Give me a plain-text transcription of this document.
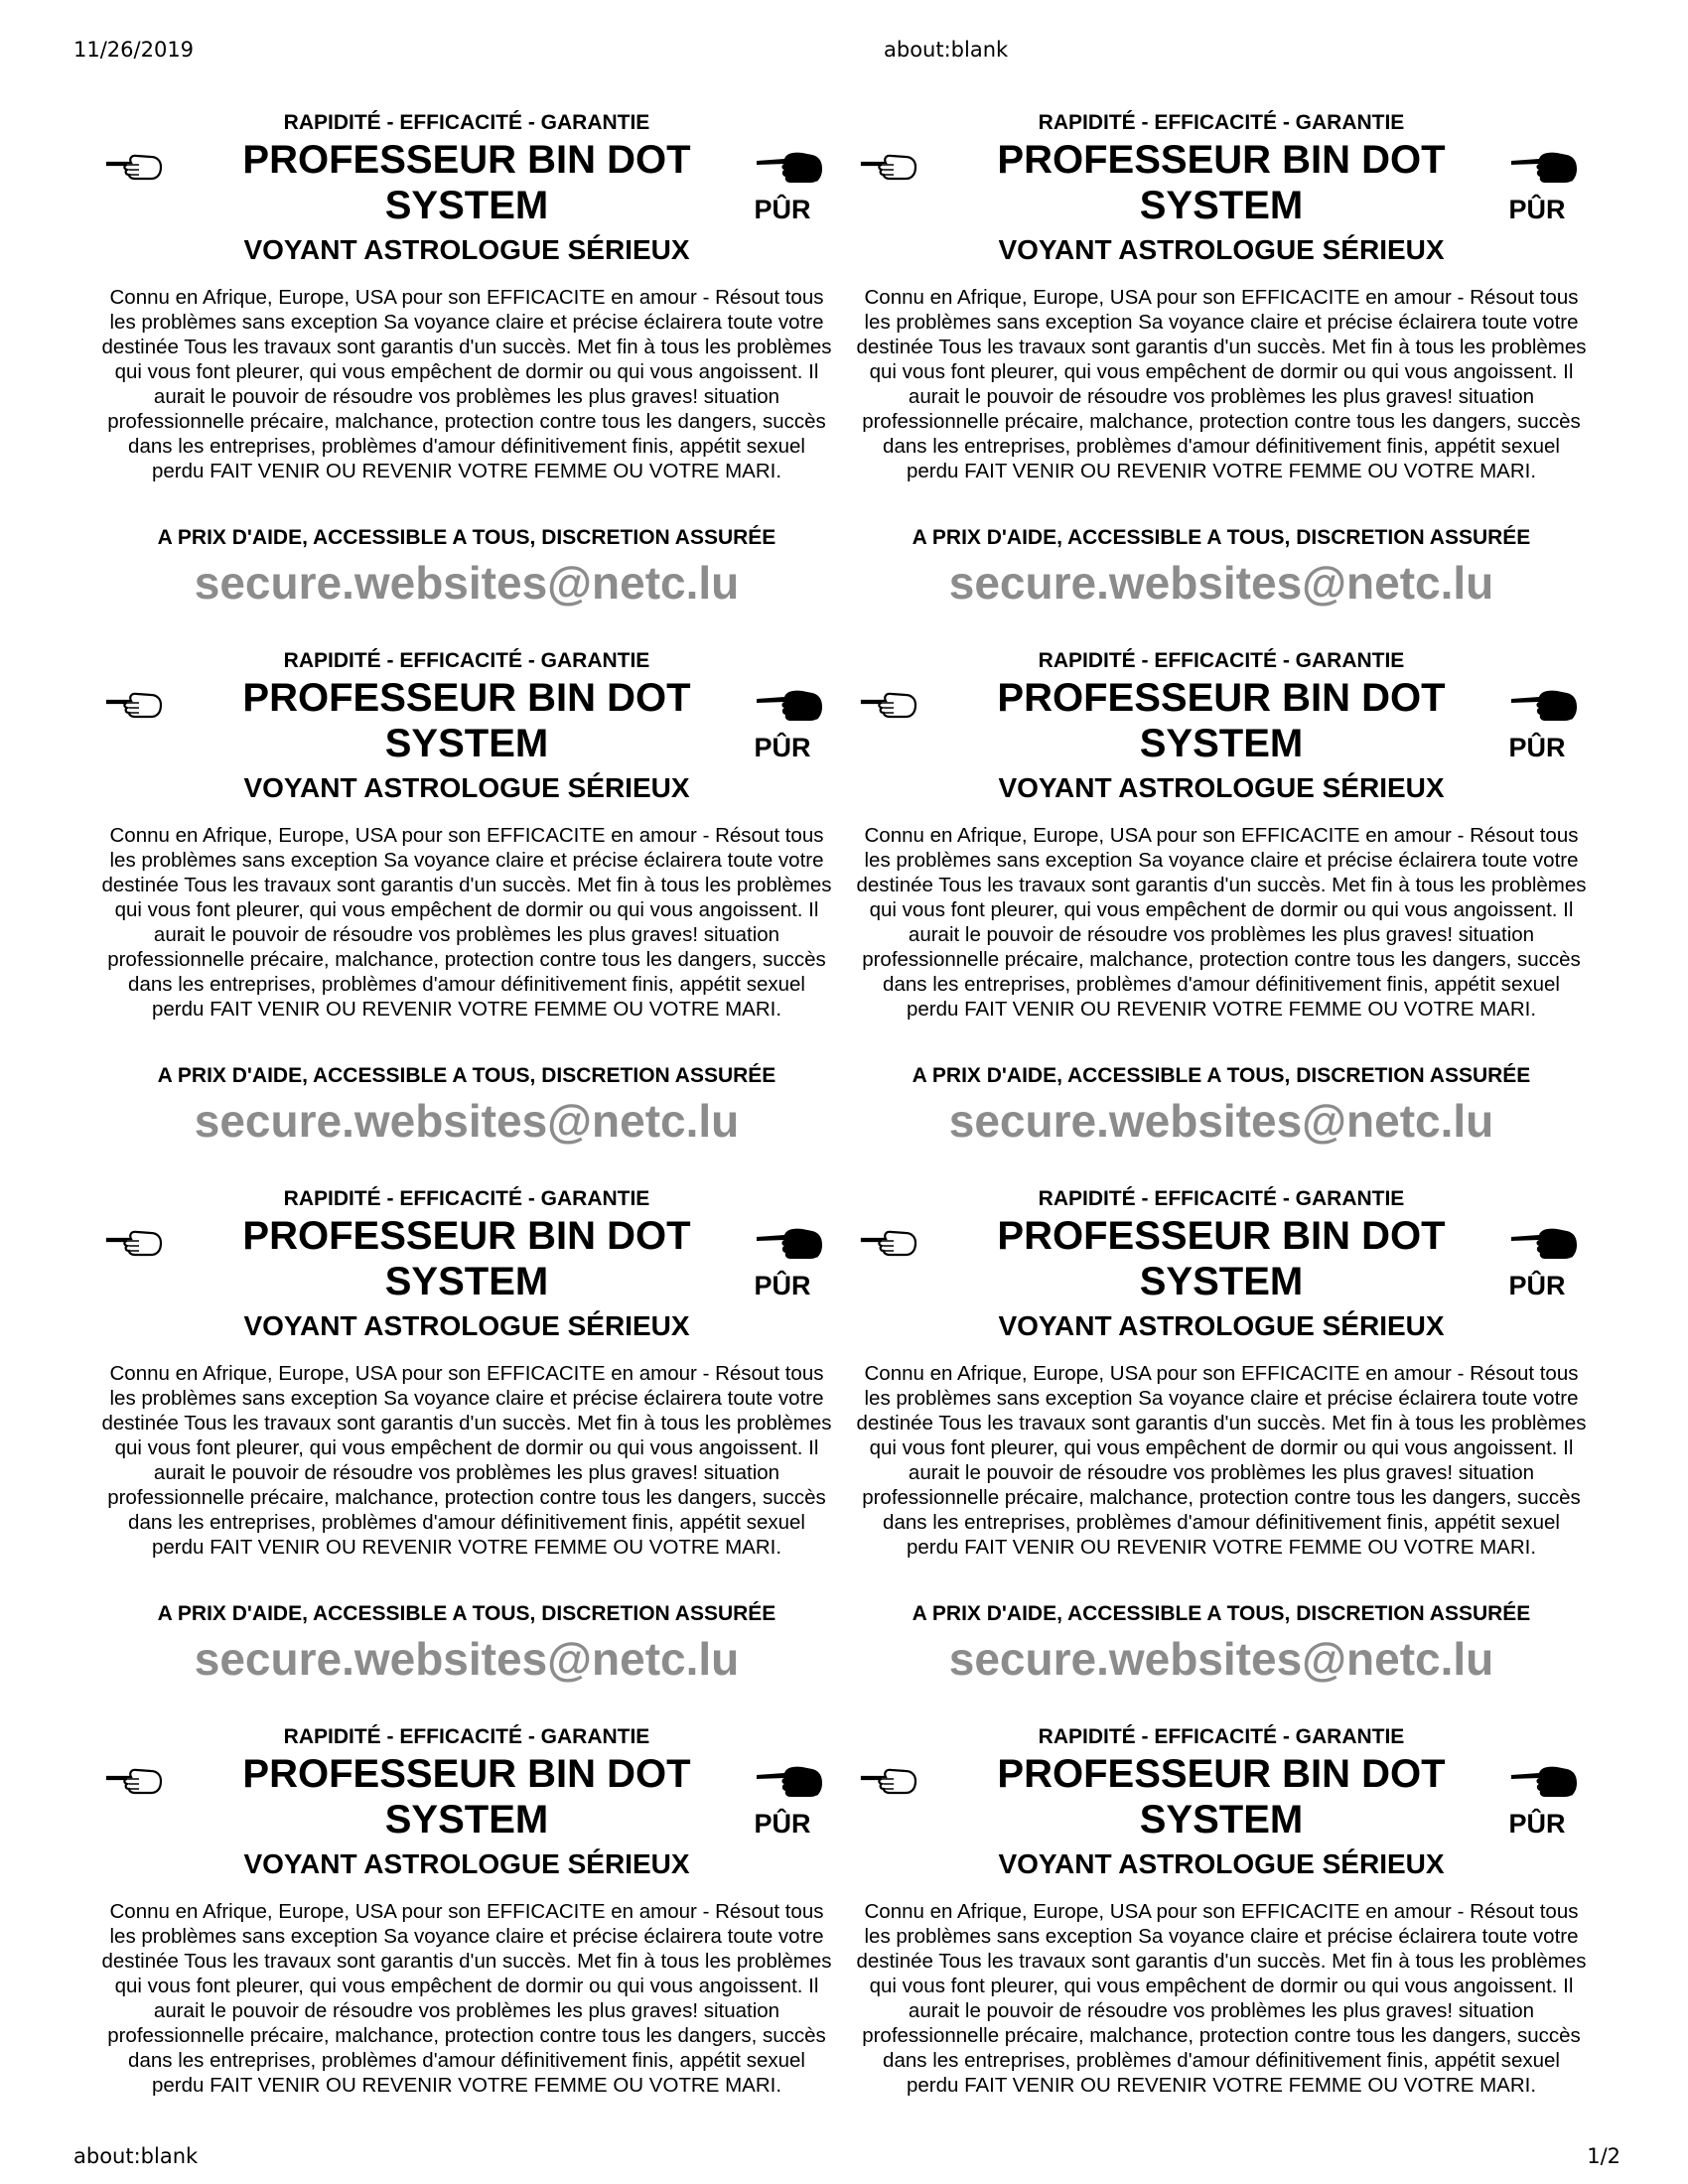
11/26/2019	about:blank
RAPIDITÉ - EFFICACITÉ - GARANTIE
PROFESSEUR BIN DOT SYSTEM	PÛR
VOYANT ASTROLOGUE SÉRIEUX
Connu en Afrique, Europe, USA pour son EFFICACITE en amour - Résout tous les problèmes sans exception Sa voyance claire et précise éclairera toute votre destinée Tous les travaux sont garantis d'un succès. Met fin à tous les problèmes qui vous font pleurer, qui vous empêchent de dormir ou qui vous angoissent. Il aurait le pouvoir de résoudre vos problèmes les plus graves! situation professionnelle précaire, malchance, protection contre tous les dangers, succès dans les entreprises, problèmes d'amour définitivement finis, appétit sexuel perdu FAIT VENIR OU REVENIR VOTRE FEMME OU VOTRE MARI.
A PRIX D'AIDE, ACCESSIBLE A TOUS, DISCRETION ASSURÉE
secure.websites@netc.lu
RAPIDITÉ - EFFICACITÉ - GARANTIE
PROFESSEUR BIN DOT SYSTEM	PÛR
VOYANT ASTROLOGUE SÉRIEUX
Connu en Afrique, Europe, USA pour son EFFICACITE en amour - Résout tous les problèmes sans exception Sa voyance claire et précise éclairera toute votre destinée Tous les travaux sont garantis d'un succès. Met fin à tous les problèmes qui vous font pleurer, qui vous empêchent de dormir ou qui vous angoissent. Il aurait le pouvoir de résoudre vos problèmes les plus graves! situation professionnelle précaire, malchance, protection contre tous les dangers, succès dans les entreprises, problèmes d'amour définitivement finis, appétit sexuel perdu FAIT VENIR OU REVENIR VOTRE FEMME OU VOTRE MARI.
A PRIX D'AIDE, ACCESSIBLE A TOUS, DISCRETION ASSURÉE
secure.websites@netc.lu
RAPIDITÉ - EFFICACITÉ - GARANTIE
PROFESSEUR BIN DOT SYSTEM	PÛR
VOYANT ASTROLOGUE SÉRIEUX
Connu en Afrique, Europe, USA pour son EFFICACITE en amour - Résout tous les problèmes sans exception Sa voyance claire et précise éclairera toute votre destinée Tous les travaux sont garantis d'un succès. Met fin à tous les problèmes qui vous font pleurer, qui vous empêchent de dormir ou qui vous angoissent. Il aurait le pouvoir de résoudre vos problèmes les plus graves! situation professionnelle précaire, malchance, protection contre tous les dangers, succès dans les entreprises, problèmes d'amour définitivement finis, appétit sexuel perdu FAIT VENIR OU REVENIR VOTRE FEMME OU VOTRE MARI.
A PRIX D'AIDE, ACCESSIBLE A TOUS, DISCRETION ASSURÉE
secure.websites@netc.lu
RAPIDITÉ - EFFICACITÉ - GARANTIE
PROFESSEUR BIN DOT SYSTEM	PÛR
VOYANT ASTROLOGUE SÉRIEUX
Connu en Afrique, Europe, USA pour son EFFICACITE en amour - Résout tous les problèmes sans exception Sa voyance claire et précise éclairera toute votre destinée Tous les travaux sont garantis d'un succès. Met fin à tous les problèmes qui vous font pleurer, qui vous empêchent de dormir ou qui vous angoissent. Il aurait le pouvoir de résoudre vos problèmes les plus graves! situation professionnelle précaire, malchance, protection contre tous les dangers, succès dans les entreprises, problèmes d'amour définitivement finis, appétit sexuel perdu FAIT VENIR OU REVENIR VOTRE FEMME OU VOTRE MARI.
A PRIX D'AIDE, ACCESSIBLE A TOUS, DISCRETION ASSURÉE
secure.websites@netc.lu
RAPIDITÉ - EFFICACITÉ - GARANTIE
PROFESSEUR BIN DOT SYSTEM	PÛR
VOYANT ASTROLOGUE SÉRIEUX
Connu en Afrique, Europe, USA pour son EFFICACITE en amour - Résout tous les problèmes sans exception Sa voyance claire et précise éclairera toute votre destinée Tous les travaux sont garantis d'un succès. Met fin à tous les problèmes qui vous font pleurer, qui vous empêchent de dormir ou qui vous angoissent. Il aurait le pouvoir de résoudre vos problèmes les plus graves! situation professionnelle précaire, malchance, protection contre tous les dangers, succès dans les entreprises, problèmes d'amour définitivement finis, appétit sexuel perdu FAIT VENIR OU REVENIR VOTRE FEMME OU VOTRE MARI.
A PRIX D'AIDE, ACCESSIBLE A TOUS, DISCRETION ASSURÉE
secure.websites@netc.lu
RAPIDITÉ - EFFICACITÉ - GARANTIE
PROFESSEUR BIN DOT SYSTEM	PÛR
VOYANT ASTROLOGUE SÉRIEUX
Connu en Afrique, Europe, USA pour son EFFICACITE en amour - Résout tous les problèmes sans exception Sa voyance claire et précise éclairera toute votre destinée Tous les travaux sont garantis d'un succès. Met fin à tous les problèmes qui vous font pleurer, qui vous empêchent de dormir ou qui vous angoissent. Il aurait le pouvoir de résoudre vos problèmes les plus graves! situation professionnelle précaire, malchance, protection contre tous les dangers, succès dans les entreprises, problèmes d'amour définitivement finis, appétit sexuel perdu FAIT VENIR OU REVENIR VOTRE FEMME OU VOTRE MARI.
A PRIX D'AIDE, ACCESSIBLE A TOUS, DISCRETION ASSURÉE
secure.websites@netc.lu
RAPIDITÉ - EFFICACITÉ - GARANTIE
PROFESSEUR BIN DOT SYSTEM	PÛR
VOYANT ASTROLOGUE SÉRIEUX
Connu en Afrique, Europe, USA pour son EFFICACITE en amour - Résout tous les problèmes sans exception Sa voyance claire et précise éclairera toute votre destinée Tous les travaux sont garantis d'un succès. Met fin à tous les problèmes qui vous font pleurer, qui vous empêchent de dormir ou qui vous angoissent. Il aurait le pouvoir de résoudre vos problèmes les plus graves! situation professionnelle précaire, malchance, protection contre tous les dangers, succès dans les entreprises, problèmes d'amour définitivement finis, appétit sexuel perdu FAIT VENIR OU REVENIR VOTRE FEMME OU VOTRE MARI.
RAPIDITÉ - EFFICACITÉ - GARANTIE
PROFESSEUR BIN DOT SYSTEM	PÛR
VOYANT ASTROLOGUE SÉRIEUX
Connu en Afrique, Europe, USA pour son EFFICACITE en amour - Résout tous les problèmes sans exception Sa voyance claire et précise éclairera toute votre destinée Tous les travaux sont garantis d'un succès. Met fin à tous les problèmes qui vous font pleurer, qui vous empêchent de dormir ou qui vous angoissent. Il aurait le pouvoir de résoudre vos problèmes les plus graves! situation professionnelle précaire, malchance, protection contre tous les dangers, succès dans les entreprises, problèmes d'amour définitivement finis, appétit sexuel perdu FAIT VENIR OU REVENIR VOTRE FEMME OU VOTRE MARI.
about:blank	1/2
